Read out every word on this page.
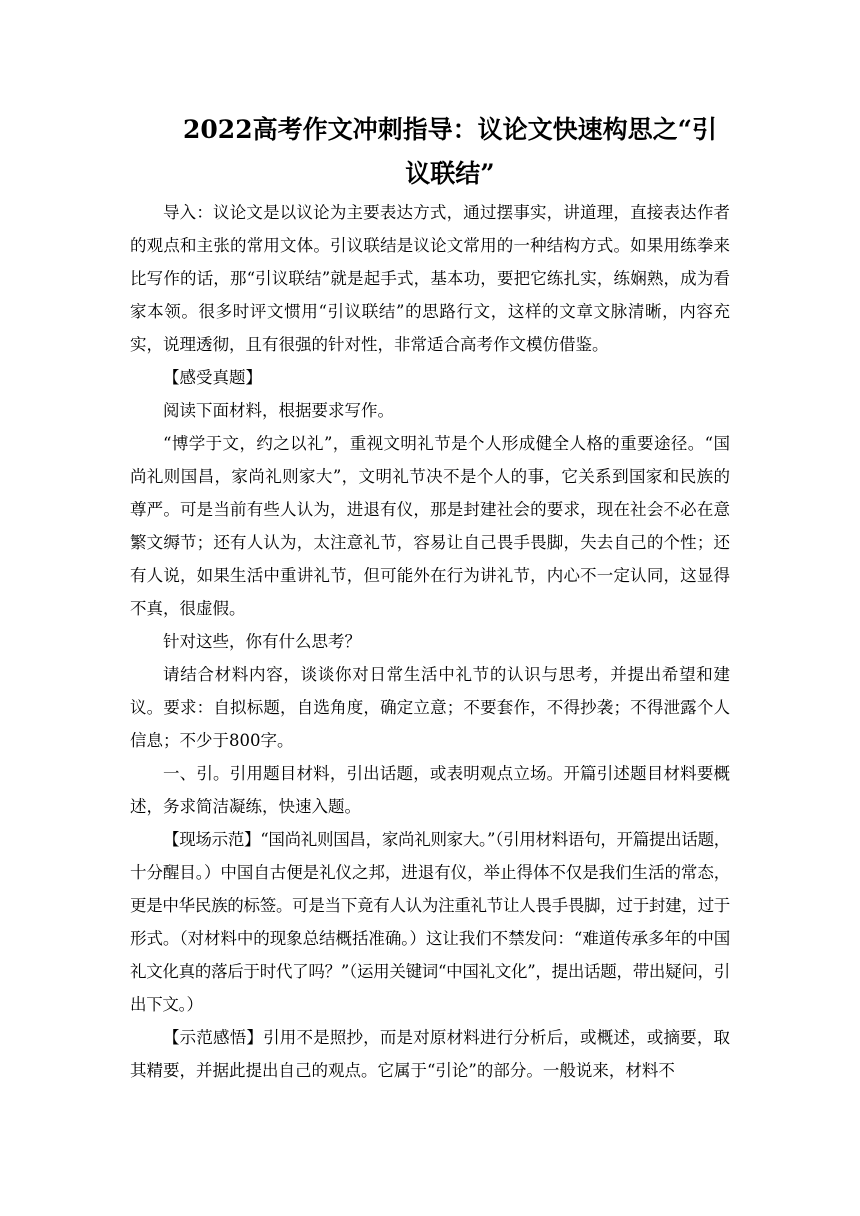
2022高考作文冲刺指导：议论文快速构思之“引
议联结”

导入：议论文是以议论为主要表达方式，通过摆事实，讲道理，直接表达作者的观点和主张的常用文体。引议联结是议论文常用的一种结构方式。如果用练拳来比写作的话，那“引议联结”就是起手式，基本功，要把它练扎实，练娴熟，成为看家本领。很多时评文惯用“引议联结”的思路行文，这样的文章文脉清晰，内容充实，说理透彻，且有很强的针对性，非常适合高考作文模仿借鉴。

【感受真题】

阅读下面材料，根据要求写作。

“博学于文，约之以礼”，重视文明礼节是个人形成健全人格的重要途径。“国尚礼则国昌，家尚礼则家大”，文明礼节决不是个人的事，它关系到国家和民族的尊严。可是当前有些人认为，进退有仪，那是封建社会的要求，现在社会不必在意繁文缛节；还有人认为，太注意礼节，容易让自己畏手畏脚，失去自己的个性；还有人说，如果生活中重讲礼节，但可能外在行为讲礼节，内心不一定认同，这显得不真，很虚假。

针对这些，你有什么思考？

请结合材料内容，谈谈你对日常生活中礼节的认识与思考，并提出希望和建议。要求：自拟标题，自选角度，确定立意；不要套作，不得抄袭；不得泄露个人信息；不少于800字。

一、引。引用题目材料，引出话题，或表明观点立场。开篇引述题目材料要概述，务求简洁凝练，快速入题。

【现场示范】“国尚礼则国昌，家尚礼则家大。”（引用材料语句，开篇提出话题，十分醒目。）中国自古便是礼仪之邦，进退有仪，举止得体不仅是我们生活的常态，更是中华民族的标签。可是当下竟有人认为注重礼节让人畏手畏脚，过于封建，过于形式。（对材料中的现象总结概括准确。）这让我们不禁发问：“难道传承多年的中国礼文化真的落后于时代了吗？”（运用关键词“中国礼文化”，提出话题，带出疑问，引出下文。）

【示范感悟】引用不是照抄，而是对原材料进行分析后，或概述，或摘要，取其精要，并据此提出自己的观点。它属于“引论”的部分。一般说来，材料不
